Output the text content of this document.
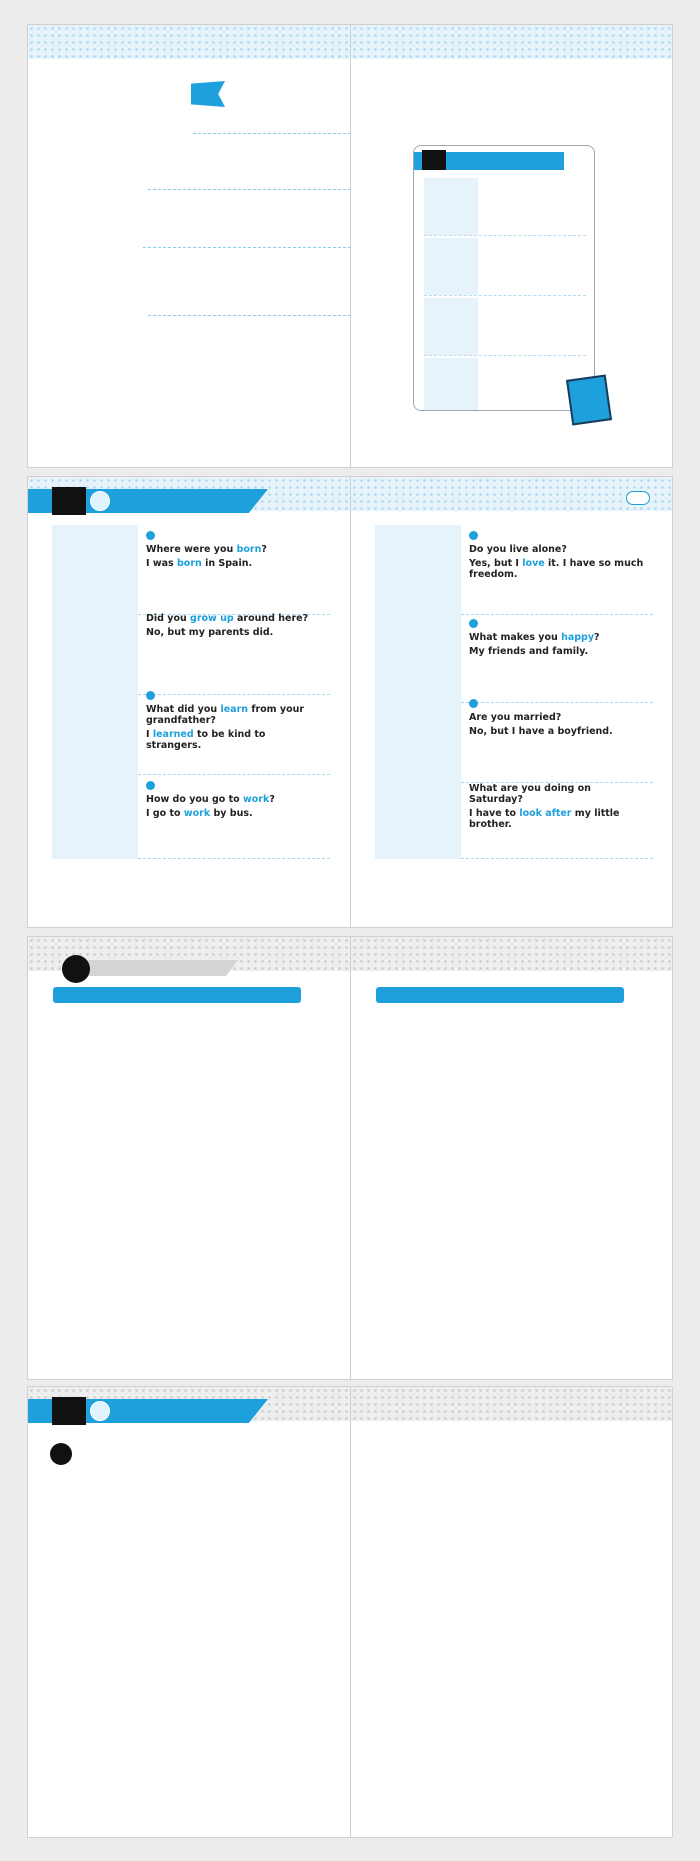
Where were you born?
I was born in Spain.
Did you grow up around here?
No, but my parents did.
What did you learn from your grandfather?
I learned to be kind to strangers.
How do you go to work?
I go to work by bus.
Do you live alone?
Yes, but I love it. I have so much freedom.
What makes you happy?
My friends and family.
Are you married?
No, but I have a boyfriend.
What are you doing on Saturday?
I have to look after my little brother.
